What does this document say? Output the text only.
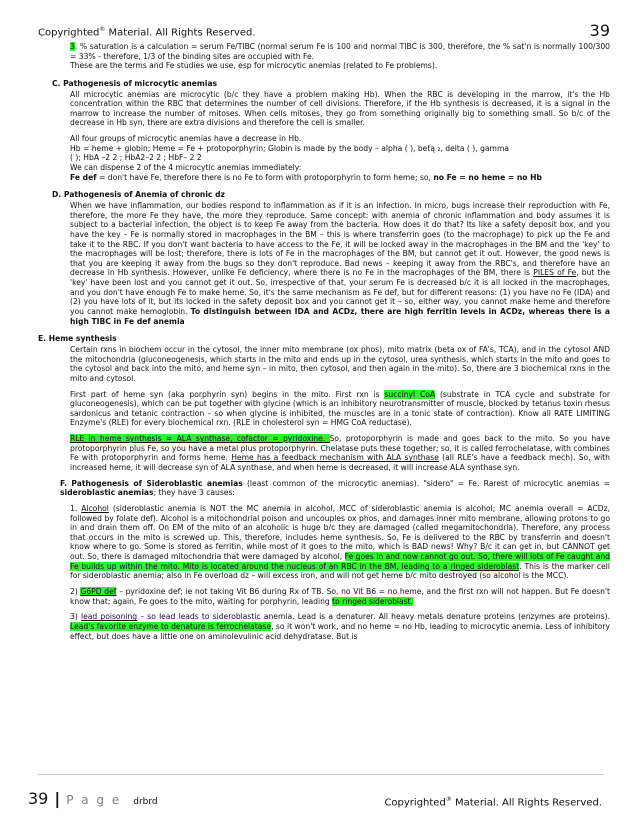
Copyrighted® Material. All Rights Reserved.	39

3. % saturation is a calculation = serum Fe/TIBC (normal serum Fe is 100 and normal TIBC is 300, therefore, the % sat'n is normally 100/300 = 33% - therefore, 1/3 of the binding sites are occupied with Fe.

These are the terms and Fe studies we use, esp for microcytic anemias (related to Fe problems).

C. Pathogenesis of microcytic anemias

All microcytic anemias are microcytic (b/c they have a problem making Hb). When the RBC is developing in the marrow, it's the Hb concentration within the RBC that determines the number of cell divisions. Therefore, if the Hb synthesis is decreased, it is a signal in the marrow to increase the number of mitoses. When cells mitoses, they go from something originally big to something small. So b/c of the decrease in Hb syn, there are extra divisions and therefore the cell is smaller.

All four groups of microcytic anemias have a decrease in Hb.

Hb = heme + globin; Heme = Fe + protoporphyrin; Globin is made by the body – alpha ( ), betą ₂, delta ( ), gamma

( ); HbA –2 2 ; HbA2–2 2 ; HbF– 2 2

We can dispense 2 of the 4 microcytic anemias immediately:

Fe def = don't have Fe, therefore there is no Fe to form with protoporphyrin to form heme; so, no Fe = no heme = no Hb

D. Pathogenesis of Anemia of chronic dz

When we have inflammation, our bodies respond to inflammation as if it is an infection. In micro, bugs increase their reproduction with Fe, therefore, the more Fe they have, the more they reproduce. Same concept: with anemia of chronic inflammation and body assumes it is subject to a bacterial infection, the object is to keep Fe away from the bacteria. How does it do that? Its like a safety deposit box, and you have the key – Fe is normally stored in macrophages in the BM – this is where transferrin goes (to the macrophage) to pick up the Fe and take it to the RBC. If you don't want bacteria to have access to the Fe, it will be locked away in the macrophages in the BM and the 'key' to the macrophages will be lost; therefore, there is lots of Fe in the macrophages of the BM, but cannot get it out. However, the good news is that you are keeping it away from the bugs so they don't reproduce. Bad news – keeping it away from the RBC's, and therefore have an decrease in Hb synthesis. However, unlike Fe deficiency, where there is no Fe in the macrophages of the BM, there is PILES of Fe, but the 'key' have been lost and you cannot get it out. So, irrespective of that, your serum Fe is decreased b/c it is all locked in the macrophages, and you don't have enough Fe to make heme. So, it's the same mechanism as Fe def, but for different reasons: (1) you have no Fe (IDA) and (2) you have lots of it, but its locked in the safety deposit box and you cannot get it – so, either way, you cannot make heme and therefore you cannot make hemoglobin. To distinguish between IDA and ACDz, there are high ferritin levels in ACDz, whereas there is a high TIBC in Fe def anemia

E. Heme synthesis

Certain rxns in biochem occur in the cytosol, the inner mito membrane (ox phos), mito matrix (beta ox of FA's, TCA), and in the cytosol AND the mitochondria (gluconeogenesis, which starts in the mito and ends up in the cytosol, urea synthesis, which starts in the mito and goes to the cytosol and back into the mito, and heme syn – in mito, then cytosol, and then again in the mito). So, there are 3 biochemical rxns in the mito and cytosol.

First part of heme syn (aka porphyrin syn) begins in the mito. First rxn is succinyl CoA (substrate in TCA cycle and substrate for gluconeogenesis), which can be put together with glycine (which is an inhibitory neurotransmitter of muscle, blocked by tetanus toxin rhesus sardonicus and tetanic contraction – so when glycine is inhibited, the muscles are in a tonic state of contraction). Know all RATE LIMITING Enzyme's (RLE) for every biochemical rxn. (RLE in cholesterol syn = HMG CoA reductase).

RLE in heme synthesis = ALA synthase, cofactor = pyridoxine. So, protoporphyrin is made and goes back to the mito. So you have protoporphyrin plus Fe, so you have a metal plus protoporphyrin. Chelatase puts these together; so, it is called ferrochelatase, with combines Fe with protoporphyrin and forms heme. Heme has a feedback mechanism with ALA synthase (all RLE's have a feedback mech). So, with increased heme, it will decrease syn of ALA synthase, and when heme is decreased, it will increase ALA synthase syn.

F. Pathogenesis of Sideroblastic anemias (least common of the microcytic anemias). "sidero" = Fe. Rarest of microcytic anemias = sideroblastic anemias; they have 3 causes:

1. Alcohol (sideroblastic anemia is NOT the MC anemia in alcohol, MCC of sideroblastic anemia is alcohol; MC anemia overall = ACDz, followed by folate def). Alcohol is a mitochondrial poison and uncouples ox phos, and damages inner mito membrane, allowing protons to go in and drain them off. On EM of the mito of an alcoholic is huge b/c they are damaged (called megamitochondria). Therefore, any process that occurs in the mito is screwed up. This, therefore, includes heme synthesis. So, Fe is delivered to the RBC by transferrin and doesn't know where to go. Some is stored as ferritin, while most of it goes to the mito, which is BAD news! Why? B/c it can get in, but CANNOT get out. So, there is damaged mitochondria that were damaged by alcohol, Fe goes in and now cannot go out. So, there will lots of Fe caught and Fe builds up within the mito. Mito is located around the nucleus of an RBC in the BM, leading to a ringed sideroblast. This is the marker cell for sideroblastic anemia; also in Fe overload dz – will excess iron, and will not get heme b/c mito destroyed (so alcohol is the MCC).

2) G6PD def – pyridoxine def; ie not taking Vit B6 during Rx of TB. So, no Vit B6 = no heme, and the first rxn will not happen. But Fe doesn't know that; again, Fe goes to the mito, waiting for porphyrin, leading to ringed sideroblast.

3) lead poisoning – so lead leads to sideroblastic anemia. Lead is a denaturer. All heavy metals denature proteins (enzymes are proteins). Lead's favorite enzyme to denature is ferrochelatase, so it won't work, and no heme = no Hb, leading to microcytic anemia. Less of inhibitory effect, but does have a little one on aminolevulinic acid dehydratase. But is

39 | P a g e drbrd	Copyrighted® Material. All Rights Reserved.
